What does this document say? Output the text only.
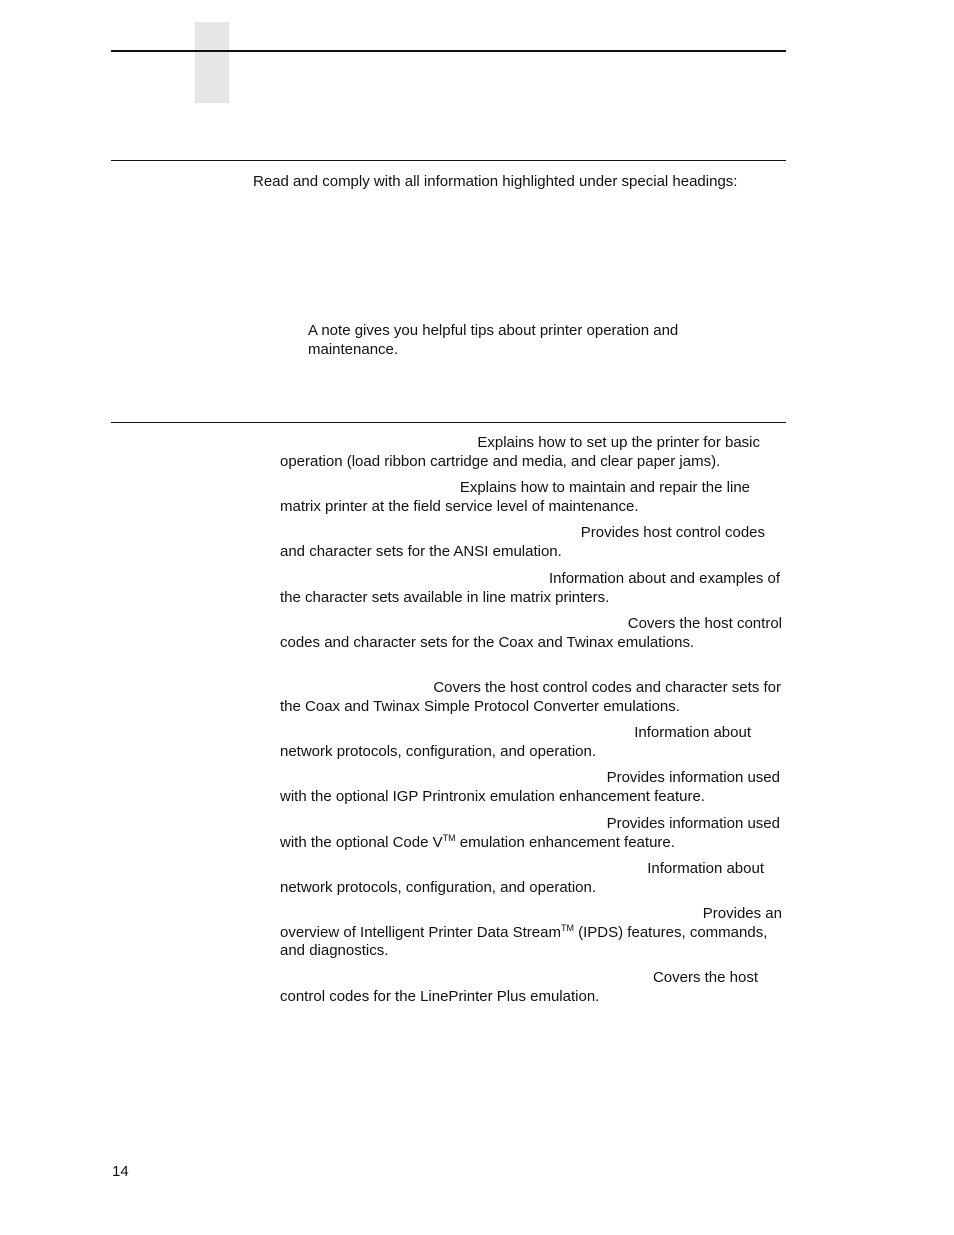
Read and comply with all information highlighted under special headings:
A note gives you helpful tips about printer operation and maintenance.
Explains how to set up the printer for basic
operation (load ribbon cartridge and media, and clear paper jams).
Explains how to maintain and repair the line
matrix printer at the field service level of maintenance.
Provides host control codes
and character sets for the ANSI emulation.
Information about and examples of
the character sets available in line matrix printers.
Covers the host control
codes and character sets for the Coax and Twinax emulations.
Covers the host control codes and character sets for
the Coax and Twinax Simple Protocol Converter emulations.
Information about
network protocols, configuration, and operation.
Provides information used
with the optional IGP Printronix emulation enhancement feature.
Provides information used
with the optional Code V™ emulation enhancement feature.
Information about
network protocols, configuration, and operation.
Provides an
overview of Intelligent Printer Data Stream™ (IPDS) features, commands,
and diagnostics.
Covers the host
control codes for the LinePrinter Plus emulation.
14
